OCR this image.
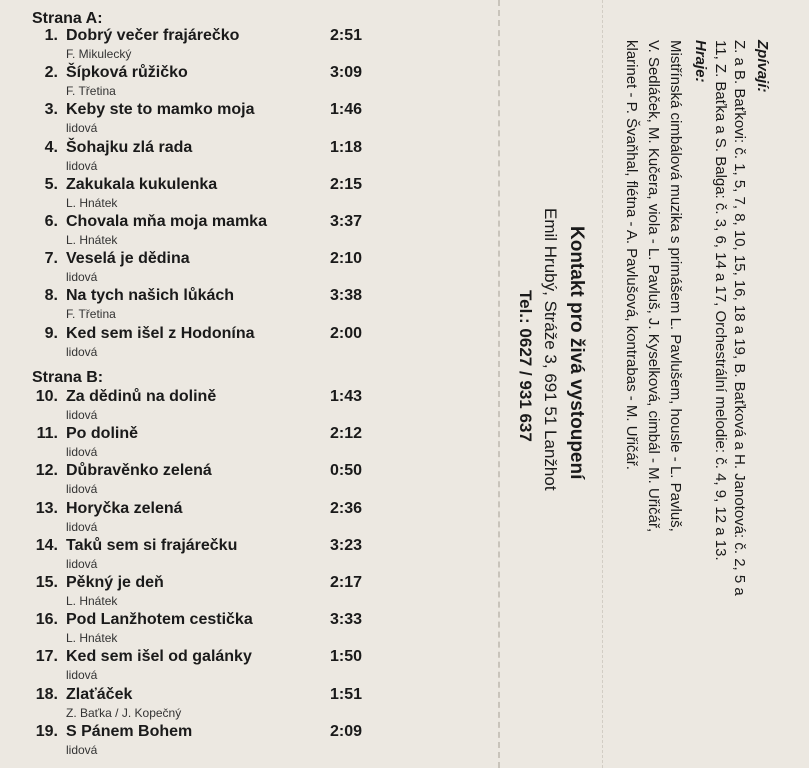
Strana A:
1. Dobrý večer frajárečko	2:51
F. Mikulecký
2. Šípková růžičko	3:09
F. Třetina
3. Keby ste to mamko moja	1:46
lidová
4. Šohajku zlá rada	1:18
lidová
5. Zakukala kukulenka	2:15
L. Hnátek
6. Chovala mňa moja mamka	3:37
L. Hnátek
7. Veselá je dědina	2:10
lidová
8. Na tych našich lůkách	3:38
F. Třetina
9. Ked sem išel z Hodonína	2:00
lidová
Strana B:
10. Za dědinů na dolině	1:43
lidová
11. Po dolině	2:12
lidová
12. Důbravěnko zelená	0:50
lidová
13. Horyčka zelená	2:36
lidová
14. Taků sem si frajárečku	3:23
lidová
15. Pěkný je deň	2:17
L. Hnátek
16. Pod Lanžhotem cestička	3:33
L. Hnátek
17. Ked sem išel od galánky	1:50
lidová
18. Zlaťáček	1:51
Z. Baťka / J. Kopečný
19. S Pánem Bohem	2:09
lidová
Kontakt pro živá vystoupení
Emil Hrubý, Stráže 3, 691 51 Lanžhot
Tel.: 0627 / 931 637
Zpívají:
Z. a B. Baťkovi: č. 1, 5, 7, 8, 10, 15, 16, 18 a 19, B. Baťková a H. Janotová: č. 2, 5 a
11, Z. Baťka a S. Balga: č. 3, 6, 14 a 17, Orchestrální melodie: č. 4, 9, 12 a 13.
Hraje:
Mistřínská cimbálová muzika s primášem L. Pavlušem, housle - L. Pavluš,
V. Sedláček, M. Kučera, viola - L. Pavluš, J. Kyselková, cimbál - M. Uřičář,
klarinet - P. Švaňhal, flétna - A. Pavlušová, kontrabas - M. Uřičář.
